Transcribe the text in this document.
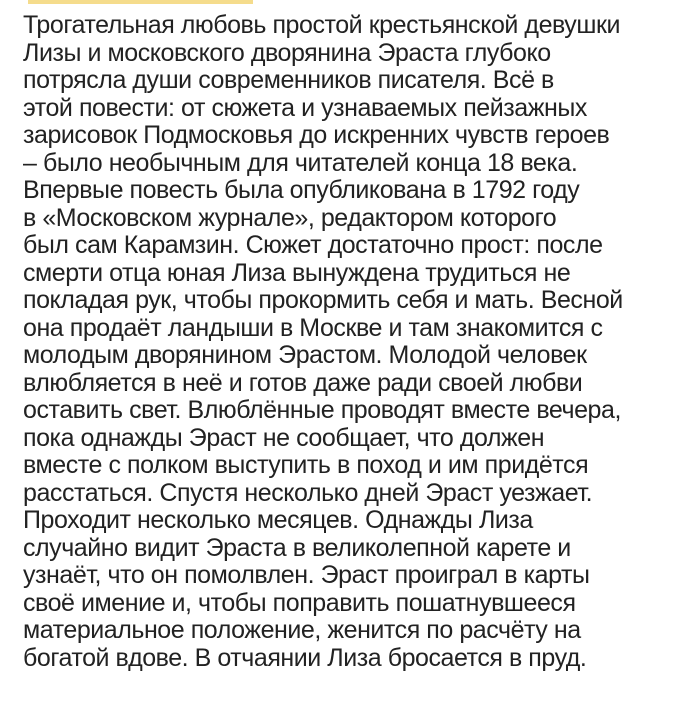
Трогательная любовь простой крестьянской девушки
Лизы и московского дворянина Эраста глубоко
потрясла души современников писателя. Всё в
этой повести: от сюжета и узнаваемых пейзажных
зарисовок Подмосковья до искренних чувств героев
– было необычным для читателей конца 18 века.
Впервые повесть была опубликована в 1792 году
в «Московском журнале», редактором которого
был сам Карамзин. Сюжет достаточно прост: после
смерти отца юная Лиза вынуждена трудиться не
покладая рук, чтобы прокормить себя и мать. Весной
она продаёт ландыши в Москве и там знакомится с
молодым дворянином Эрастом. Молодой человек
влюбляется в неё и готов даже ради своей любви
оставить свет. Влюблённые проводят вместе вечера,
пока однажды Эраст не сообщает, что должен
вместе с полком выступить в поход и им придётся
расстаться. Спустя несколько дней Эраст уезжает.
Проходит несколько месяцев. Однажды Лиза
случайно видит Эраста в великолепной карете и
узнаёт, что он помолвлен. Эраст проиграл в карты
своё имение и, чтобы поправить пошатнувшееся
материальное положение, женится по расчёту на
богатой вдове. В отчаянии Лиза бросается в пруд.
